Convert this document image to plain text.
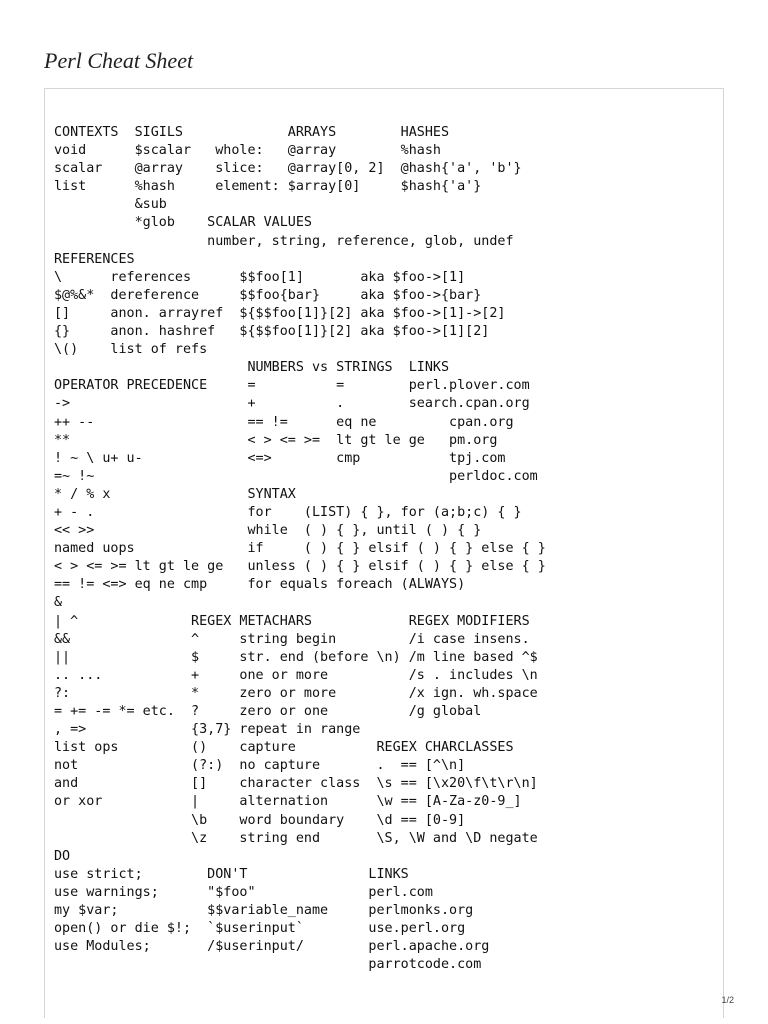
Perl Cheat Sheet
CONTEXTS  SIGILS             ARRAYS        HASHES
void      $scalar   whole:   @array        %hash
scalar    @array    slice:   @array[0, 2]  @hash{'a', 'b'}
list      %hash     element: $array[0]     $hash{'a'}
&sub
*glob    SCALAR VALUES
number, string, reference, glob, undef
REFERENCES
\      references      $$foo[1]       aka $foo->[1]
$@%&*  dereference     $$foo{bar}     aka $foo->{bar}
[]     anon. arrayref  ${$$foo[1]}[2] aka $foo->[1]->[2]
{}     anon. hashref   ${$$foo[1]}[2] aka $foo->[1][2]
\()    list of refs
NUMBERS vs STRINGS  LINKS
OPERATOR PRECEDENCE     =          =        perl.plover.com
->                      +          .        search.cpan.org
++ --                   == !=      eq ne         cpan.org
**                      < > <= >=  lt gt le ge   pm.org
! ~ \ u+ u-             <=>        cmp           tpj.com
=~ !~                                            perldoc.com
* / % x                 SYNTAX
+ - .                   for    (LIST) { }, for (a;b;c) { }
<< >>                   while  ( ) { }, until ( ) { }
named uops              if     ( ) { } elsif ( ) { } else { }
< > <= >= lt gt le ge   unless ( ) { } elsif ( ) { } else { }
== != <=> eq ne cmp     for equals foreach (ALWAYS)
&
| ^              REGEX METACHARS            REGEX MODIFIERS
&&               ^     string begin         /i case insens.
||               $     str. end (before \n) /m line based ^$
.. ...           +     one or more          /s . includes \n
?:               *     zero or more         /x ign. wh.space
= += -= *= etc.  ?     zero or one          /g global
, =>             {3,7} repeat in range
list ops         ()    capture          REGEX CHARCLASSES
not              (?:)  no capture       .  == [^\n]
and              []    character class  \s == [\x20\f\t\r\n]
or xor           |     alternation      \w == [A-Za-z0-9_]
\b    word boundary    \d == [0-9]
\z    string end       \S, \W and \D negate
DO
use strict;        DON'T               LINKS
use warnings;      "$foo"              perl.com
my $var;           $$variable_name     perlmonks.org
open() or die $!;  `$userinput`        use.perl.org
use Modules;       /$userinput/        perl.apache.org
parrotcode.com
1/2
